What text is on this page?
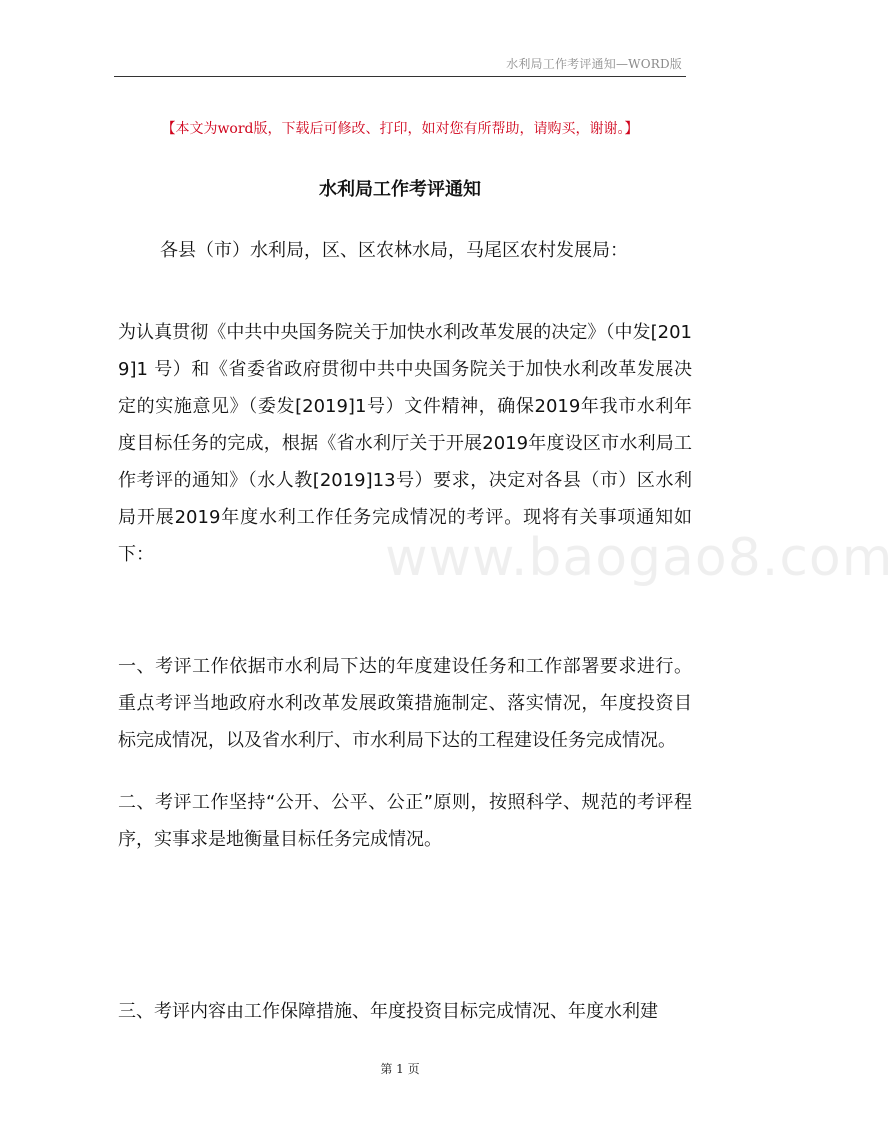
水利局工作考评通知—WORD版
【本文为word版，下载后可修改、打印，如对您有所帮助，请购买，谢谢。】
水利局工作考评通知
各县（市）水利局，区、区农林水局，马尾区农村发展局：
为认真贯彻《中共中央国务院关于加快水利改革发展的决定》（中发[2019]1 号）和《省委省政府贯彻中共中央国务院关于加快水利改革发展决定的实施意见》（委发[2019]1号）文件精神，确保2019年我市水利年度目标任务的完成，根据《省水利厅关于开展2019年度设区市水利局工作考评的通知》（水人教[2019]13号）要求，决定对各县（市）区水利局开展2019年度水利工作任务完成情况的考评。现将有关事项通知如下：
一、考评工作依据市水利局下达的年度建设任务和工作部署要求进行。重点考评当地政府水利改革发展政策措施制定、落实情况，年度投资目标完成情况，以及省水利厅、市水利局下达的工程建设任务完成情况。
二、考评工作坚持“公开、公平、公正”原则，按照科学、规范的考评程序，实事求是地衡量目标任务完成情况。
三、考评内容由工作保障措施、年度投资目标完成情况、年度水利建
www.baogao8.com
第 1 页
